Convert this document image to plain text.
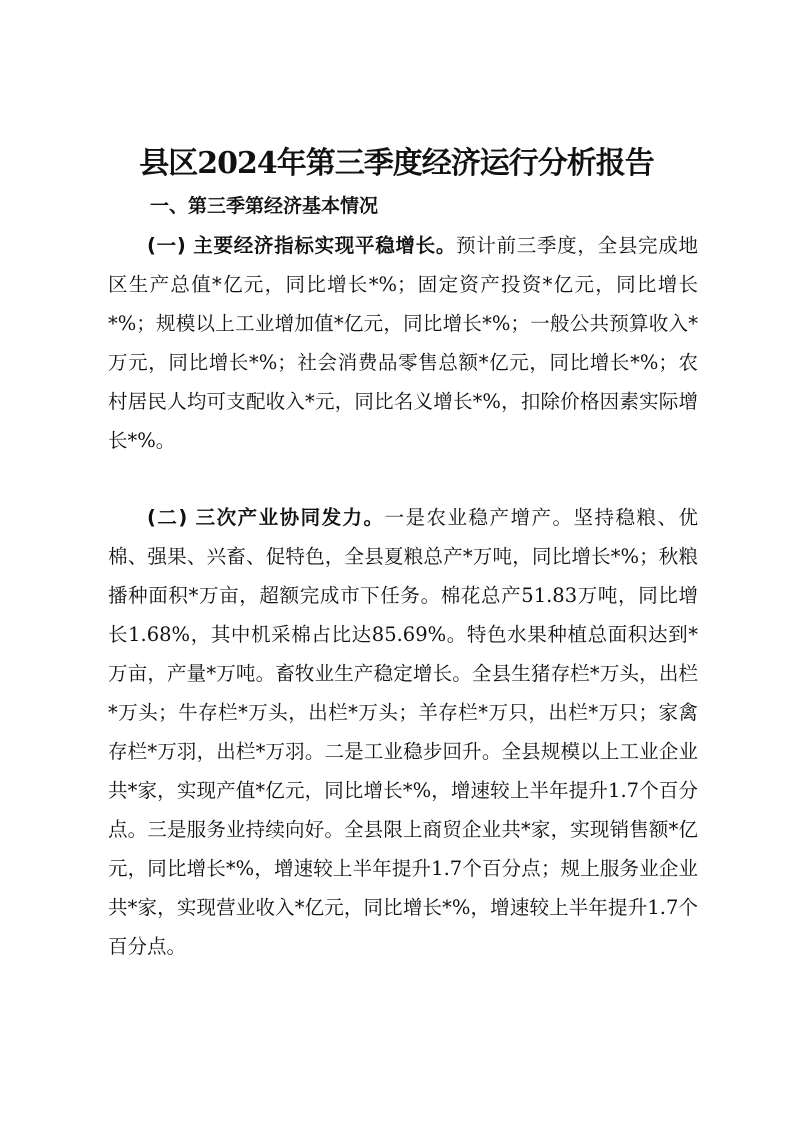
县区2024年第三季度经济运行分析报告
一、第三季第经济基本情况

(一) 主要经济指标实现平稳增长。预计前三季度，全县完成地区生产总值*亿元，同比增长*%；固定资产投资*亿元，同比增长*%；规模以上工业增加值*亿元，同比增长*%；一般公共预算收入*万元，同比增长*%；社会消费品零售总额*亿元，同比增长*%；农村居民人均可支配收入*元，同比名义增长*%，扣除价格因素实际增长*%。

(二) 三次产业协同发力。一是农业稳产增产。坚持稳粮、优棉、强果、兴畜、促特色，全县夏粮总产*万吨，同比增长*%；秋粮播种面积*万亩，超额完成市下任务。棉花总产51.83万吨，同比增长1.68%，其中机采棉占比达85.69%。特色水果种植总面积达到*万亩，产量*万吨。畜牧业生产稳定增长。全县生猪存栏*万头，出栏*万头；牛存栏*万头，出栏*万头；羊存栏*万只，出栏*万只；家禽存栏*万羽，出栏*万羽。二是工业稳步回升。全县规模以上工业企业共*家，实现产值*亿元，同比增长*%，增速较上半年提升1.7个百分点。三是服务业持续向好。全县限上商贸企业共*家，实现销售额*亿元，同比增长*%，增速较上半年提升1.7个百分点；规上服务业企业共*家，实现营业收入*亿元，同比增长*%，增速较上半年提升1.7个百分点。
